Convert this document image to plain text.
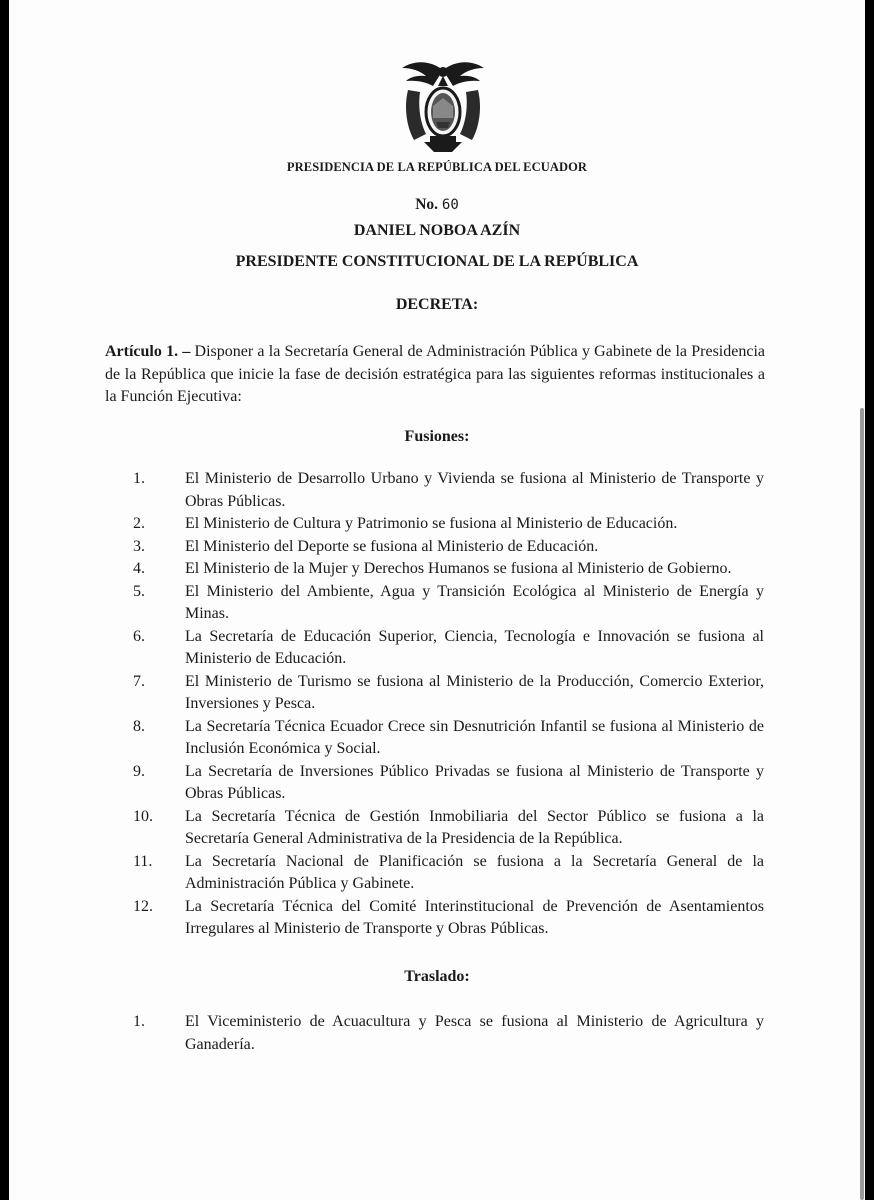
PRESIDENCIA DE LA REPÚBLICA DEL ECUADOR
No. 60
DANIEL NOBOA AZÍN
PRESIDENTE CONSTITUCIONAL DE LA REPÚBLICA
DECRETA:
Artículo 1. – Disponer a la Secretaría General de Administración Pública y Gabinete de la Presidencia de la República que inicie la fase de decisión estratégica para las siguientes reformas institucionales a la Función Ejecutiva:
Fusiones:
1.	El Ministerio de Desarrollo Urbano y Vivienda se fusiona al Ministerio de Transporte y Obras Públicas.
2.	El Ministerio de Cultura y Patrimonio se fusiona al Ministerio de Educación.
3.	El Ministerio del Deporte se fusiona al Ministerio de Educación.
4.	El Ministerio de la Mujer y Derechos Humanos se fusiona al Ministerio de Gobierno.
5.	El Ministerio del Ambiente, Agua y Transición Ecológica al Ministerio de Energía y Minas.
6.	La Secretaría de Educación Superior, Ciencia, Tecnología e Innovación se fusiona al Ministerio de Educación.
7.	El Ministerio de Turismo se fusiona al Ministerio de la Producción, Comercio Exterior, Inversiones y Pesca.
8.	La Secretaría Técnica Ecuador Crece sin Desnutrición Infantil se fusiona al Ministerio de Inclusión Económica y Social.
9.	La Secretaría de Inversiones Público Privadas se fusiona al Ministerio de Transporte y Obras Públicas.
10.	La Secretaría Técnica de Gestión Inmobiliaria del Sector Público se fusiona a la Secretaría General Administrativa de la Presidencia de la República.
11.	La Secretaría Nacional de Planificación se fusiona a la Secretaría General de la Administración Pública y Gabinete.
12.	La Secretaría Técnica del Comité Interinstitucional de Prevención de Asentamientos Irregulares al Ministerio de Transporte y Obras Públicas.
Traslado:
1.	El Viceministerio de Acuacultura y Pesca se fusiona al Ministerio de Agricultura y Ganadería.
